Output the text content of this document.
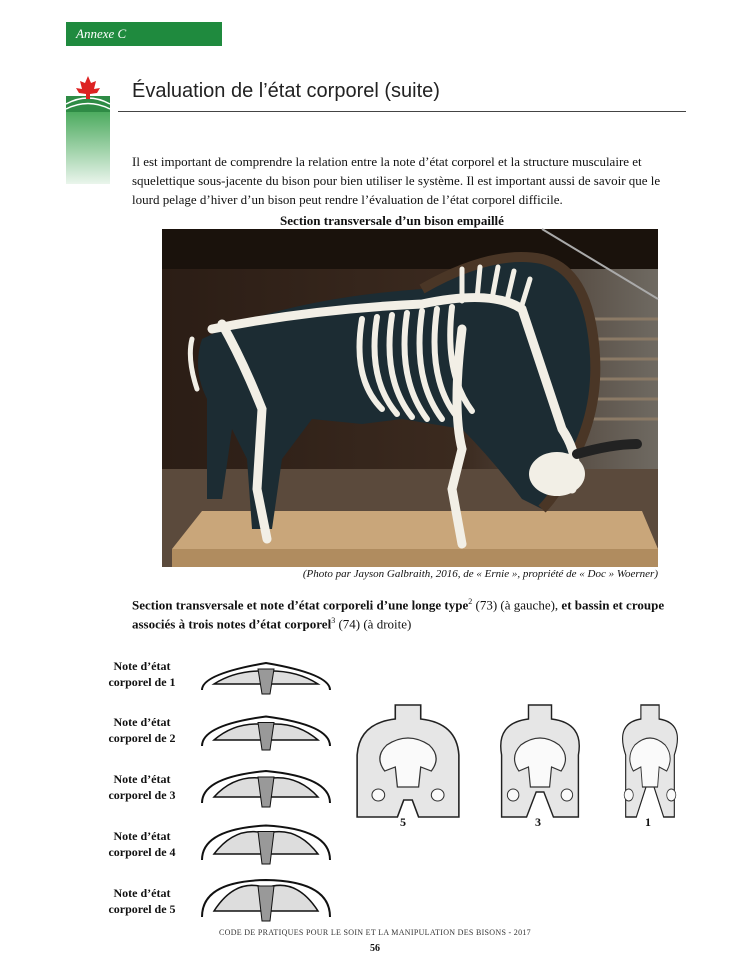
Annexe C
Évaluation de l’état corporel (suite)

Il est important de comprendre la relation entre la note d’état corporel et la structure musculaire et squelettique sous-jacente du bison pour bien utiliser le système. Il est important aussi de savoir que le lourd pelage d’hiver d’un bison peut rendre l’évaluation de l’état corporel difficile.

Section transversale d’un bison empaillé
(Photo par Jayson Galbraith, 2016, de « Ernie », propriété de « Doc » Woerner)
Section transversale et note d’état corporeli d’une longe type$^2$ (73) (à gauche), et bassin et croupe associés à trois notes d’état corporel$^3$ (74) (à droite)
Note d’état
corporel de 1
Note d’état
corporel de 2
Note d’état
corporel de 3
Note d’état
corporel de 4
Note d’état
corporel de 5
5	3	1
CODE DE PRATIQUES POUR LE SOIN ET LA MANIPULATION DES BISONS - 2017
56
